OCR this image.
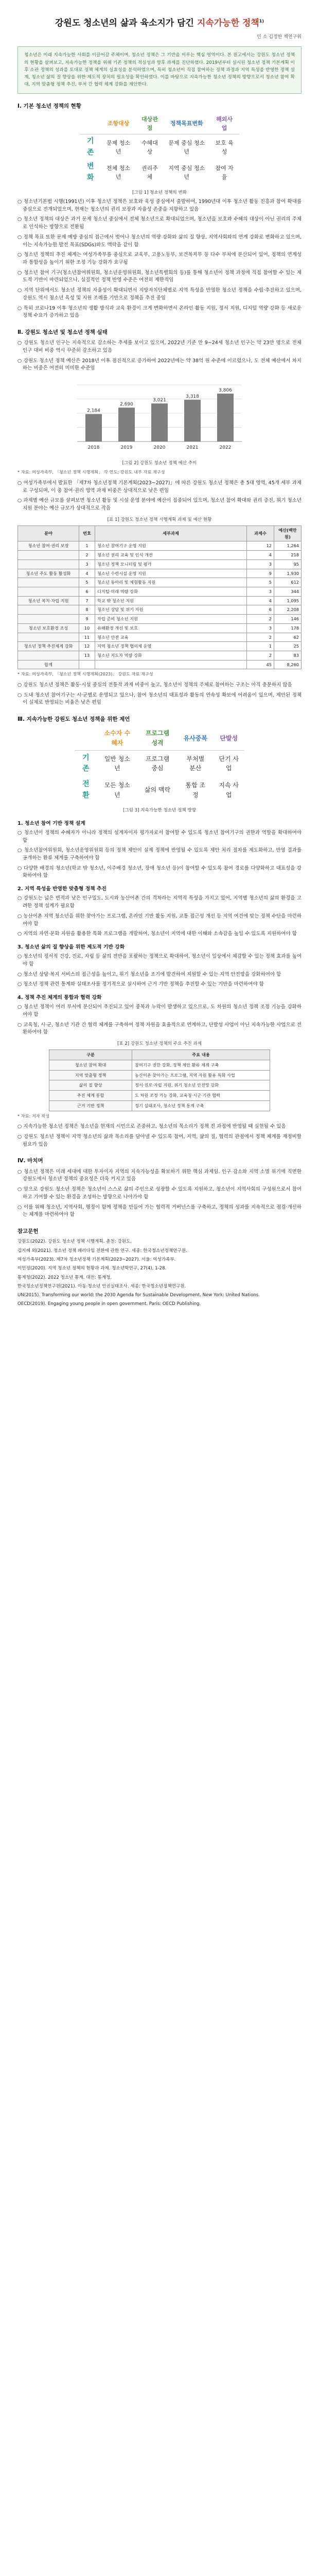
강원도 청소년의 삶과 육소지가 담긴 지속가능한 정책$^{1)}$
민 소 김정한 책연구위
청소년은 미래 지속가능한 사회를 이끌어갈 주체이며, 청소년 정책은 그 기반을 이루는 핵심 영역이다. 본 원고에서는 강원도 청소년 정책의 현황을 살펴보고, 지속가능한 정책을 위해 기존 정책의 적실성과 향후 과제를 진단하였다. 2019년부터 실시된 청소년 정책 기본계획 이후 소관 정책의 성과를 토대로 정책 체계의 실효성을 분석하였으며, 특히 청소년이 직접 참여하는 정책 과정과 지역 특성을 반영한 정책 설계, 청소년 삶의 질 향상을 위한 제도적 장치의 필요성을 확인하였다. 이를 바탕으로 지속가능한 청소년 정책의 방향으로서 청소년 참여 확대, 지역 맞춤형 정책 추진, 부처 간 협력 체계 강화를 제안한다.
Ⅰ. 기본 청소년 정책의 현황
	조항대상	대상관점	정책목표변화	해외사업
기존	문제 청소년	수혜대상	문제 중심 청소년	보호 육성
변화	전체 청소년	권리주체	지역 중심 청소년	참여 자율
[그림 1] 청소년 정책의 변화

○ 청소년기본법 시행(1991년) 이후 청소년 정책은 보호와 육성 중심에서 출발하여, 1990년대 이후 청소년 활동 진흥과 참여 확대를 중심으로 전개되었으며, 현재는 청소년의 권리 보장과 자율성 존중을 지향하고 있음

○ 청소년 정책의 대상은 과거 문제 청소년 중심에서 전체 청소년으로 확대되었으며, 청소년을 보호와 수혜의 대상이 아닌 권리의 주체로 인식하는 방향으로 전환됨

○ 정책 목표 또한 문제 예방 중심의 접근에서 벗어나 청소년의 역량 강화와 삶의 질 향상, 지역사회와의 연계 강화로 변화하고 있으며, 이는 지속가능한 발전 목표(SDGs)와도 맥락을 같이 함

○ 청소년 정책의 추진 체계는 여성가족부를 중심으로 교육부, 고용노동부, 보건복지부 등 다수 부처에 분산되어 있어, 정책의 연계성과 통합성을 높이기 위한 조정 기능 강화가 요구됨

○ 청소년 참여 기구(청소년참여위원회, 청소년운영위원회, 청소년특별회의 등)를 통해 청소년이 정책 과정에 직접 참여할 수 있는 제도적 기반이 마련되었으나, 실질적인 정책 반영 수준은 여전히 제한적임

○ 지역 단위에서도 청소년 정책의 자율성이 확대되면서 지방자치단체별로 지역 특성을 반영한 청소년 정책을 수립·추진하고 있으며, 강원도 역시 청소년 육성 및 지원 조례를 기반으로 정책을 추진 중임

○ 특히 코로나19 이후 청소년의 생활 방식과 교육 환경이 크게 변화하면서 온라인 활동 지원, 정서 지원, 디지털 역량 강화 등 새로운 정책 수요가 증가하고 있음

Ⅱ. 강원도 청소년 및 청소년 정책 실태

○ 강원도 청소년 인구는 지속적으로 감소하는 추세를 보이고 있으며, 2022년 기준 만 9~24세 청소년 인구는 약 23만 명으로 전체 인구 대비 비중 역시 꾸준히 감소하고 있음

○ 강원도 청소년 정책 예산은 2018년 이후 점진적으로 증가하여 2022년에는 약 38억 원 수준에 이르렀으나, 도 전체 예산에서 차지하는 비중은 여전히 미미한 수준임

2,184
2018
2,690
2019
3,021
2020
3,318
2021
3,806
2022
[그림 2] 강원도 청소년 정책 예산 추이
* 자료: 여성가족부, 「청소년 정책 시행계획」 각 연도; 강원도 내부 자료 재구성

○ 여성가족부에서 발표한 「제7차 청소년정책 기본계획(2023~2027)」에 따른 강원도 청소년 정책은 총 5대 영역, 45개 세부 과제로 구성되며, 이 중 참여·권리 영역 과제 비중은 상대적으로 낮은 편임

○ 과제별 예산 규모를 살펴보면 청소년 활동 및 시설 운영 분야에 예산이 집중되어 있으며, 청소년 참여 확대와 권리 증진, 위기 청소년 지원 분야는 예산 규모가 상대적으로 작음

[표 1] 강원도 청소년 정책 시행계획 과제 및 예산 현황
분야	번호	세부과제	과제수	예산(백만원)
청소년 참여·권리 보장	1	청소년 참여기구 운영 지원	12	1,264
	2	청소년 권리 교육 및 인식 개선	4	218
	3	청소년 정책 모니터링 및 평가	3	95
청소년 주도 활동 활성화	4	청소년 수련시설 운영 지원	9	1,930
	5	청소년 동아리 및 체험활동 지원	5	612
	6	디지털·미래 역량 강화	3	344
청소년 복지·자립 지원	7	학교 밖 청소년 지원	4	1,095
	8	청소년 상담 및 위기 지원	6	2,208
	9	자립 준비 청소년 지원	2	146
청소년 보호환경 조성	10	유해환경 개선 및 보호	3	178
	11	청소년 안전 교육	2	62
청소년 정책 추진체계 강화	12	지역 청소년 정책 협의체 운영	1	25
	13	청소년 지도자 역량 강화	2	83
합계			45	8,260
* 자료: 여성가족부, 「청소년 정책 시행계획(2023)」 강원도 자료 재구성

○ 강원도 청소년 정책은 활동·시설 중심의 전통적 과제 비중이 높고, 청소년이 정책의 주체로 참여하는 구조는 아직 충분하지 않음

○ 도내 청소년 참여기구는 시·군별로 운영되고 있으나, 참여 청소년의 대표성과 활동의 연속성 확보에 어려움이 있으며, 제안된 정책이 실제로 반영되는 비율은 낮은 편임

Ⅲ. 지속가능한 강원도 청소년 정책을 위한 제언
	소수자 수혜자	프로그램 성격	유사중복	단발성
기존	일반 청소년	프로그램 중심	부처별 분산	단기 사업
전환	모든 청소년	삶의 맥락	통합 조정	지속 사업
[그림 3] 지속가능한 청소년 정책 방향
1. 청소년 참여 기반 정책 설계

○ 청소년이 정책의 수혜자가 아니라 정책의 설계자이자 평가자로서 참여할 수 있도록 청소년 참여기구의 권한과 역할을 확대하여야 함

○ 청소년참여위원회, 청소년운영위원회 등의 정책 제안이 실제 정책에 반영될 수 있도록 제안 처리 절차를 제도화하고, 반영 결과를 공개하는 환류 체계를 구축하여야 함

○ 다양한 배경의 청소년(학교 밖 청소년, 이주배경 청소년, 장애 청소년 등)이 참여할 수 있도록 참여 경로를 다양화하고 대표성을 강화하여야 함

2. 지역 특성을 반영한 맞춤형 정책 추진

○ 강원도는 넓은 면적과 낮은 인구밀도, 도시와 농산어촌 간의 격차라는 지역적 특성을 가지고 있어, 지역별 청소년의 삶의 환경을 고려한 정책 설계가 필요함

○ 농산어촌 지역 청소년을 위한 찾아가는 프로그램, 온라인 기반 활동 지원, 교통 접근성 개선 등 지역 여건에 맞는 정책 수단을 마련하여야 함

○ 지역의 자연·문화 자원을 활용한 특화 프로그램을 개발하여, 청소년이 지역에 대한 이해와 소속감을 높일 수 있도록 지원하여야 함

3. 청소년 삶의 질 향상을 위한 제도적 기반 강화

○ 청소년의 정서적 건강, 진로, 자립 등 삶의 전반을 포괄하는 정책으로 확대하여, 청소년이 일상에서 체감할 수 있는 정책 효과를 높여야 함

○ 청소년 상담·복지 서비스의 접근성을 높이고, 위기 청소년을 조기에 발견하여 지원할 수 있는 지역 안전망을 강화하여야 함

○ 청소년 정책 관련 통계와 실태조사를 정기적으로 실시하여 근거 기반 정책을 추진할 수 있는 기반을 마련하여야 함

4. 정책 추진 체계의 통합과 협력 강화

○ 청소년 정책이 여러 부서에 분산되어 추진되고 있어 중복과 누락이 발생하고 있으므로, 도 차원의 청소년 정책 조정 기능을 강화하여야 함

○ 교육청, 시·군, 청소년 기관 간 협력 체계를 구축하여 정책 자원을 효율적으로 연계하고, 단발성 사업이 아닌 지속가능한 사업으로 전환하여야 함

[표 2] 강원도 청소년 정책의 주요 추진 과제
구분	주요 내용
청소년 참여 확대	참여기구 권한 강화, 정책 제안 환류 체계 구축
지역 맞춤형 정책	농산어촌 찾아가는 프로그램, 지역 자원 활용 특화 사업
삶의 질 향상	정서·진로·자립 지원, 위기 청소년 안전망 강화
추진 체계 통합	도 차원 조정 기능 강화, 교육청·시군·기관 협력
근거 기반 정책	정기 실태조사, 청소년 정책 통계 구축
* 자료: 저자 작성

○ 지속가능한 청소년 정책은 청소년을 현재의 시민으로 존중하고, 청소년의 목소리가 정책 전 과정에 반영될 때 실현될 수 있음

○ 강원도 청소년 정책이 지역 청소년의 삶과 목소리를 담아낼 수 있도록 참여, 지역, 삶의 질, 협력의 관점에서 정책 체계를 재정비할 필요가 있음

Ⅳ. 마치며

○ 청소년 정책은 미래 세대에 대한 투자이자 지역의 지속가능성을 확보하기 위한 핵심 과제임. 인구 감소와 지역 소멸 위기에 직면한 강원도에서 청소년 정책의 중요성은 더욱 커지고 있음

○ 앞으로 강원도 청소년 정책은 청소년이 스스로 삶의 주인으로 성장할 수 있도록 지원하고, 청소년이 지역사회의 구성원으로서 참여하고 기여할 수 있는 환경을 조성하는 방향으로 나아가야 함

○ 이를 위해 청소년, 지역사회, 행정이 함께 정책을 만들어 가는 협력적 거버넌스를 구축하고, 정책의 성과를 지속적으로 점검·개선하는 체계를 마련하여야 함

참고문헌

강원도(2022). 강원도 청소년 정책 시행계획. 춘천: 강원도.

김지혜 외(2021). 청소년 정책 패러다임 전환에 관한 연구. 세종: 한국청소년정책연구원.

여성가족부(2023). 제7차 청소년정책 기본계획(2023~2027). 서울: 여성가족부.

이민정(2020). 지역 청소년 정책의 현황과 과제. 청소년학연구, 27(4), 1-28.

통계청(2022). 2022 청소년 통계. 대전: 통계청.

한국청소년정책연구원(2021). 아동·청소년 인권실태조사. 세종: 한국청소년정책연구원.

UN(2015). Transforming our world: the 2030 Agenda for Sustainable Development. New York: United Nations.

OECD(2019). Engaging young people in open government. Paris: OECD Publishing.
